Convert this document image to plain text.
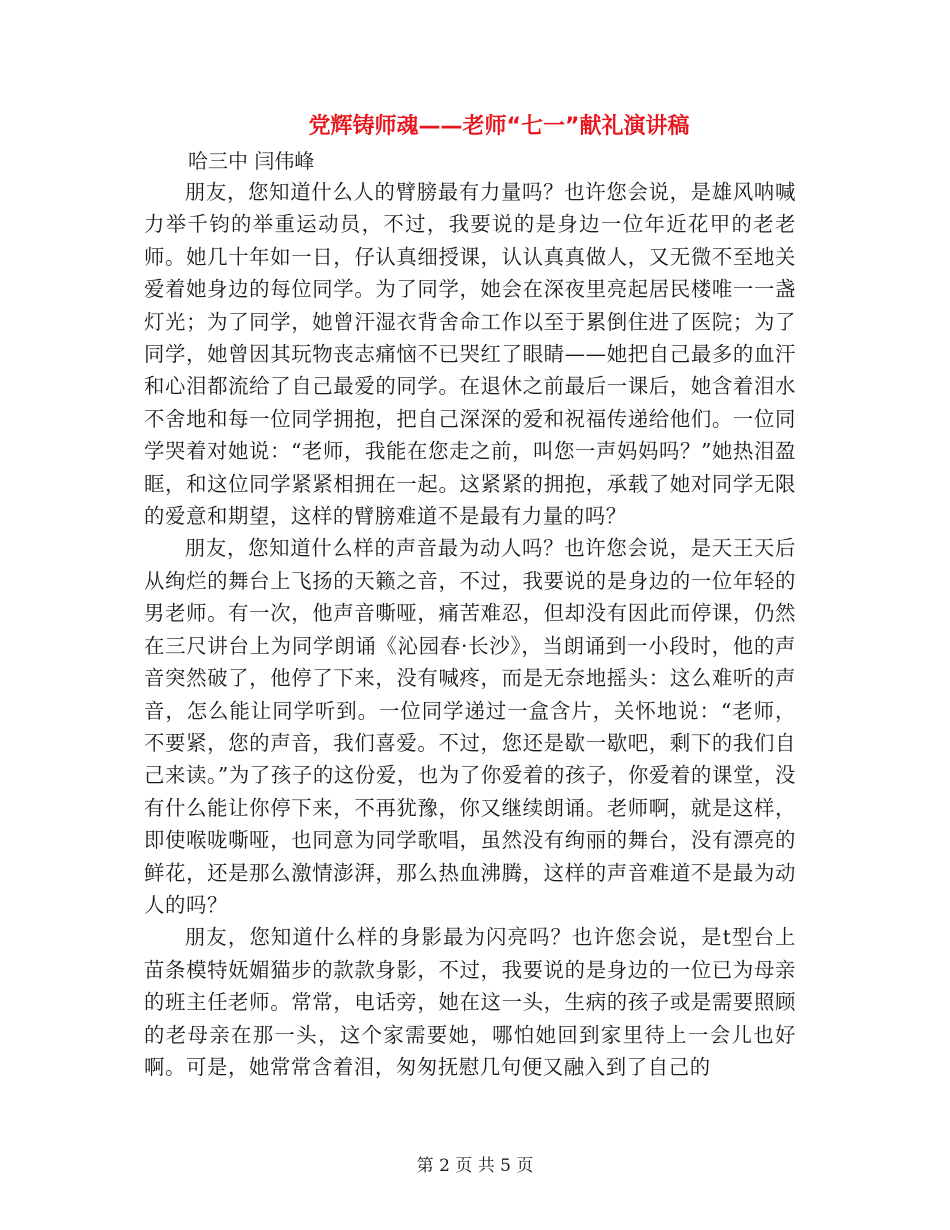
党辉铸师魂——老师“七一”献礼演讲稿
哈三中 闫伟峰

朋友，您知道什么人的臂膀最有力量吗？也许您会说，是雄风呐喊力举千钧的举重运动员，不过，我要说的是身边一位年近花甲的老老师。她几十年如一日，仔认真细授课，认认真真做人，又无微不至地关爱着她身边的每位同学。为了同学，她会在深夜里亮起居民楼唯一一盏灯光；为了同学，她曾汗湿衣背舍命工作以至于累倒住进了医院；为了同学，她曾因其玩物丧志痛恼不已哭红了眼睛——她把自己最多的血汗和心泪都流给了自己最爱的同学。在退休之前最后一课后，她含着泪水不舍地和每一位同学拥抱，把自己深深的爱和祝福传递给他们。一位同学哭着对她说：“老师，我能在您走之前，叫您一声妈妈吗？”她热泪盈眶，和这位同学紧紧相拥在一起。这紧紧的拥抱，承载了她对同学无限的爱意和期望，这样的臂膀难道不是最有力量的吗？

朋友，您知道什么样的声音最为动人吗？也许您会说，是天王天后从绚烂的舞台上飞扬的天籁之音，不过，我要说的是身边的一位年轻的男老师。有一次，他声音嘶哑，痛苦难忍，但却没有因此而停课，仍然在三尺讲台上为同学朗诵《沁园春·长沙》，当朗诵到一小段时，他的声音突然破了，他停了下来，没有喊疼，而是无奈地摇头：这么难听的声音，怎么能让同学听到。一位同学递过一盒含片，关怀地说：“老师，不要紧，您的声音，我们喜爱。不过，您还是歇一歇吧，剩下的我们自己来读。”为了孩子的这份爱，也为了你爱着的孩子，你爱着的课堂，没有什么能让你停下来，不再犹豫，你又继续朗诵。老师啊，就是这样，即使喉咙嘶哑，也同意为同学歌唱，虽然没有绚丽的舞台，没有漂亮的鲜花，还是那么激情澎湃，那么热血沸腾，这样的声音难道不是最为动人的吗？

朋友，您知道什么样的身影最为闪亮吗？也许您会说，是t型台上苗条模特妩媚猫步的款款身影，不过，我要说的是身边的一位已为母亲的班主任老师。常常，电话旁，她在这一头，生病的孩子或是需要照顾的老母亲在那一头，这个家需要她，哪怕她回到家里待上一会儿也好啊。可是，她常常含着泪，匆匆抚慰几句便又融入到了自己的

第 2 页 共 5 页
